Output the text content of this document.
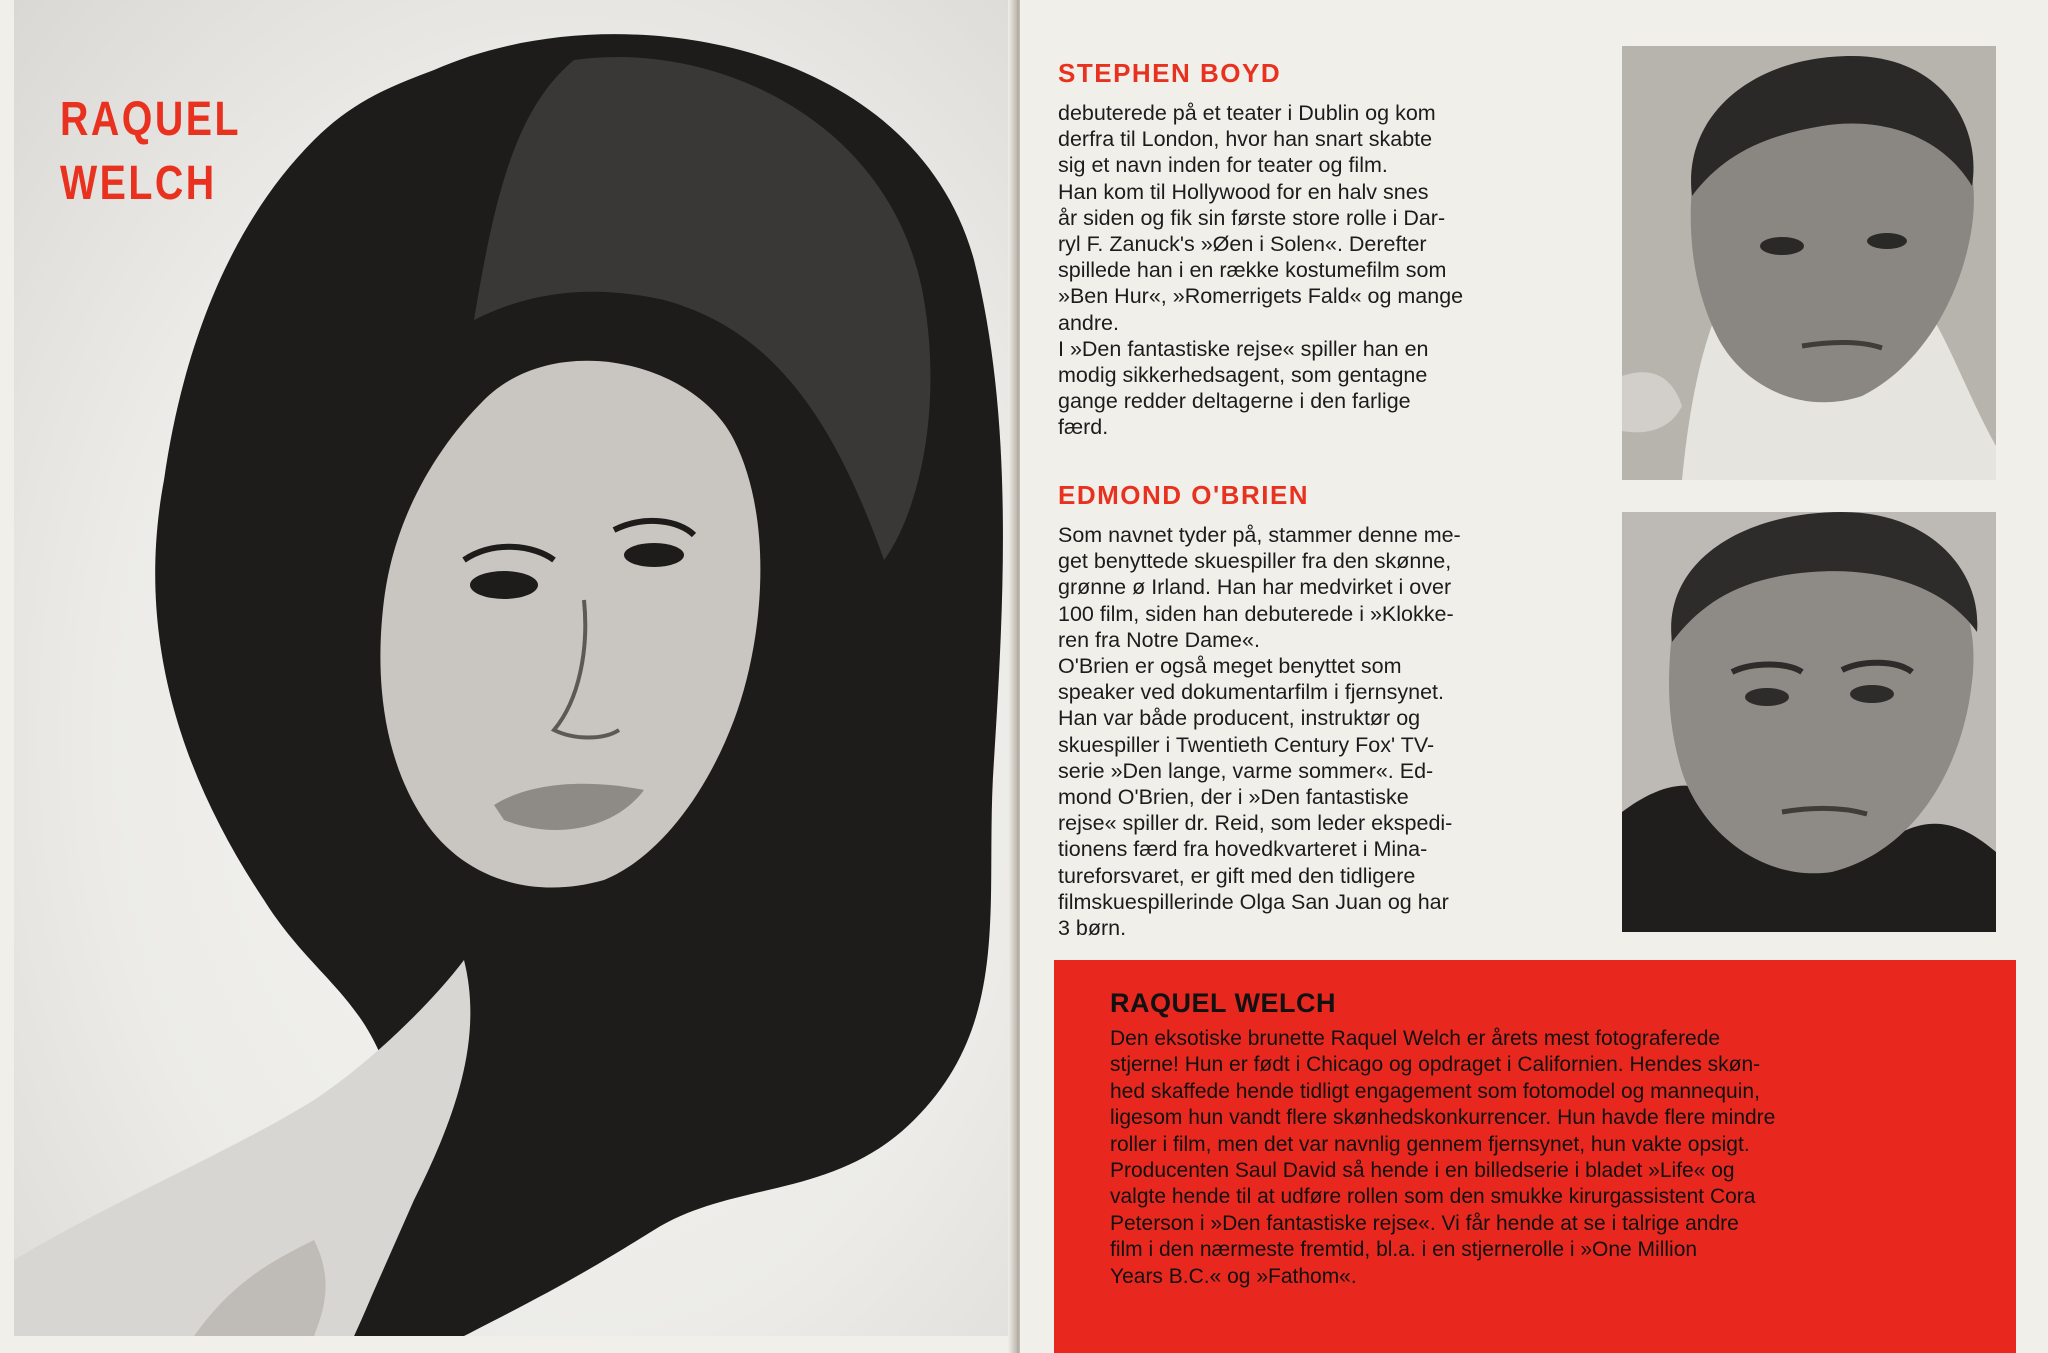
RAQUEL
WELCH
STEPHEN BOYD

debuterede på et teater i Dublin og kom
derfra til London, hvor han snart skabte
sig et navn inden for teater og film.
Han kom til Hollywood for en halv snes
år siden og fik sin første store rolle i Dar-
ryl F. Zanuck's »Øen i Solen«. Derefter
spillede han i en række kostumefilm som
»Ben Hur«, »Romerrigets Fald« og mange
andre.
I »Den fantastiske rejse« spiller han en
modig sikkerhedsagent, som gentagne
gange redder deltagerne i den farlige
færd.

EDMOND O'BRIEN

Som navnet tyder på, stammer denne me-
get benyttede skuespiller fra den skønne,
grønne ø Irland. Han har medvirket i over
100 film, siden han debuterede i »Klokke-
ren fra Notre Dame«.
O'Brien er også meget benyttet som
speaker ved dokumentarfilm i fjernsynet.
Han var både producent, instruktør og
skuespiller i Twentieth Century Fox' TV-
serie »Den lange, varme sommer«. Ed-
mond O'Brien, der i »Den fantastiske
rejse« spiller dr. Reid, som leder ekspedi-
tionens færd fra hovedkvarteret i Mina-
tureforsvaret, er gift med den tidligere
filmskuespillerinde Olga San Juan og har
3 børn.

RAQUEL WELCH

Den eksotiske brunette Raquel Welch er årets mest fotograferede
stjerne! Hun er født i Chicago og opdraget i Californien. Hendes skøn-
hed skaffede hende tidligt engagement som fotomodel og mannequin,
ligesom hun vandt flere skønhedskonkurrencer. Hun havde flere mindre
roller i film, men det var navnlig gennem fjernsynet, hun vakte opsigt.
Producenten Saul David så hende i en billedserie i bladet »Life« og
valgte hende til at udføre rollen som den smukke kirurgassistent Cora
Peterson i »Den fantastiske rejse«. Vi får hende at se i talrige andre
film i den nærmeste fremtid, bl.a. i en stjernerolle i »One Million
Years B.C.« og »Fathom«.
